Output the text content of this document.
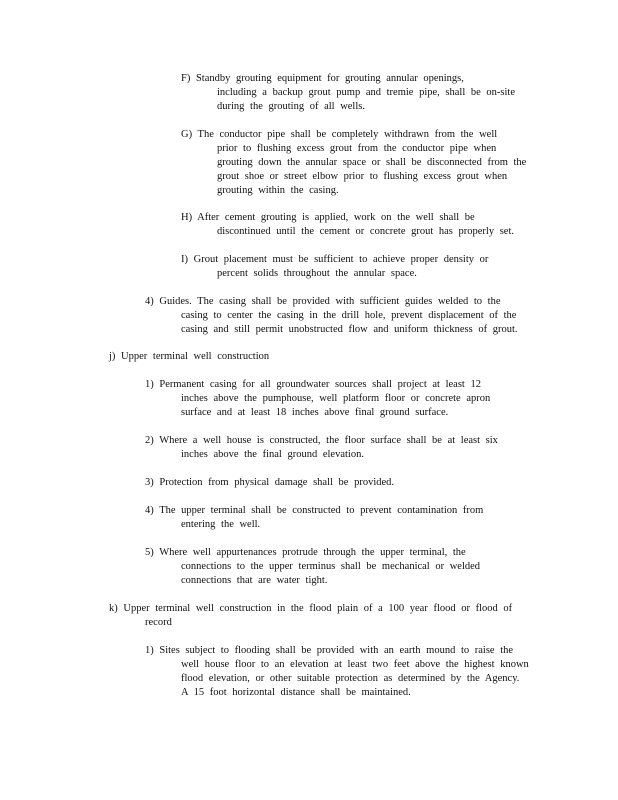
F) Standby grouting equipment for grouting annular openings,
including a backup grout pump and tremie pipe, shall be on-site
during the grouting of all wells.
G) The conductor pipe shall be completely withdrawn from the well
prior to flushing excess grout from the conductor pipe when
grouting down the annular space or shall be disconnected from the
grout shoe or street elbow prior to flushing excess grout when
grouting within the casing.
H) After cement grouting is applied, work on the well shall be
discontinued until the cement or concrete grout has properly set.
I) Grout placement must be sufficient to achieve proper density or
percent solids throughout the annular space.
4) Guides. The casing shall be provided with sufficient guides welded to the
casing to center the casing in the drill hole, prevent displacement of the
casing and still permit unobstructed flow and uniform thickness of grout.
j) Upper terminal well construction
1) Permanent casing for all groundwater sources shall project at least 12
inches above the pumphouse, well platform floor or concrete apron
surface and at least 18 inches above final ground surface.
2) Where a well house is constructed, the floor surface shall be at least six
inches above the final ground elevation.
3) Protection from physical damage shall be provided.
4) The upper terminal shall be constructed to prevent contamination from
entering the well.
5) Where well appurtenances protrude through the upper terminal, the
connections to the upper terminus shall be mechanical or welded
connections that are water tight.
k) Upper terminal well construction in the flood plain of a 100 year flood or flood of
record
1) Sites subject to flooding shall be provided with an earth mound to raise the
well house floor to an elevation at least two feet above the highest known
flood elevation, or other suitable protection as determined by the Agency.
A 15 foot horizontal distance shall be maintained.
